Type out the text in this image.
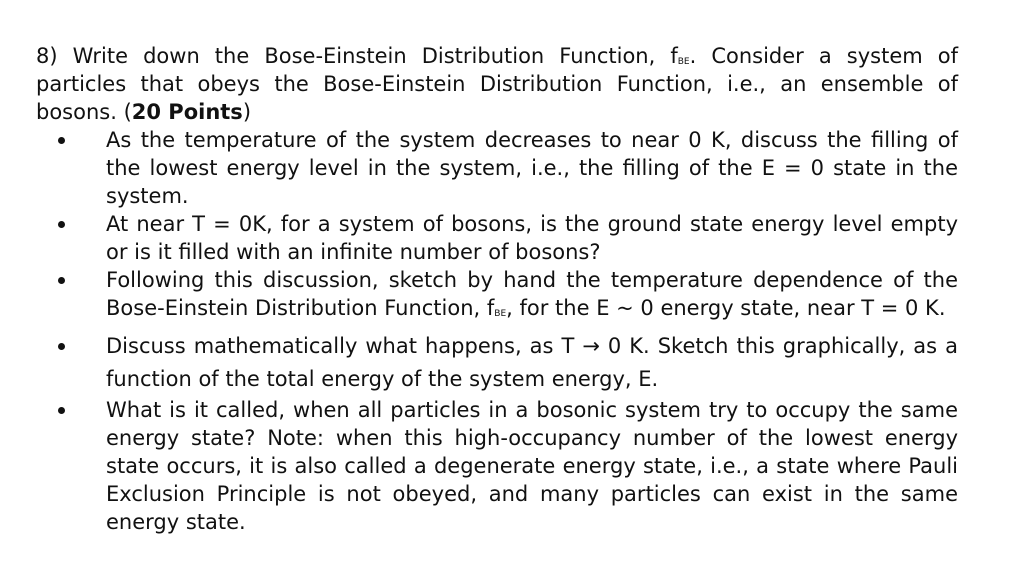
8) Write down the Bose-Einstein Distribution Function, $f_{BE}$. Consider a system of particles that obeys the Bose-Einstein Distribution Function, i.e., an ensemble of bosons. (20 Points)

As the temperature of the system decreases to near 0 K, discuss the filling of the lowest energy level in the system, i.e., the filling of the E = 0 state in the system.
At near T = 0K, for a system of bosons, is the ground state energy level empty or is it filled with an infinite number of bosons?
Following this discussion, sketch by hand the temperature dependence of the Bose-Einstein Distribution Function, $f_{BE}$, for the E ~ 0 energy state, near T = 0 K.
Discuss mathematically what happens, as T → 0 K. Sketch this graphically, as a function of the total energy of the system energy, E.
What is it called, when all particles in a bosonic system try to occupy the same energy state? Note: when this high-occupancy number of the lowest energy state occurs, it is also called a degenerate energy state, i.e., a state where Pauli Exclusion Principle is not obeyed, and many particles can exist in the same energy state.
